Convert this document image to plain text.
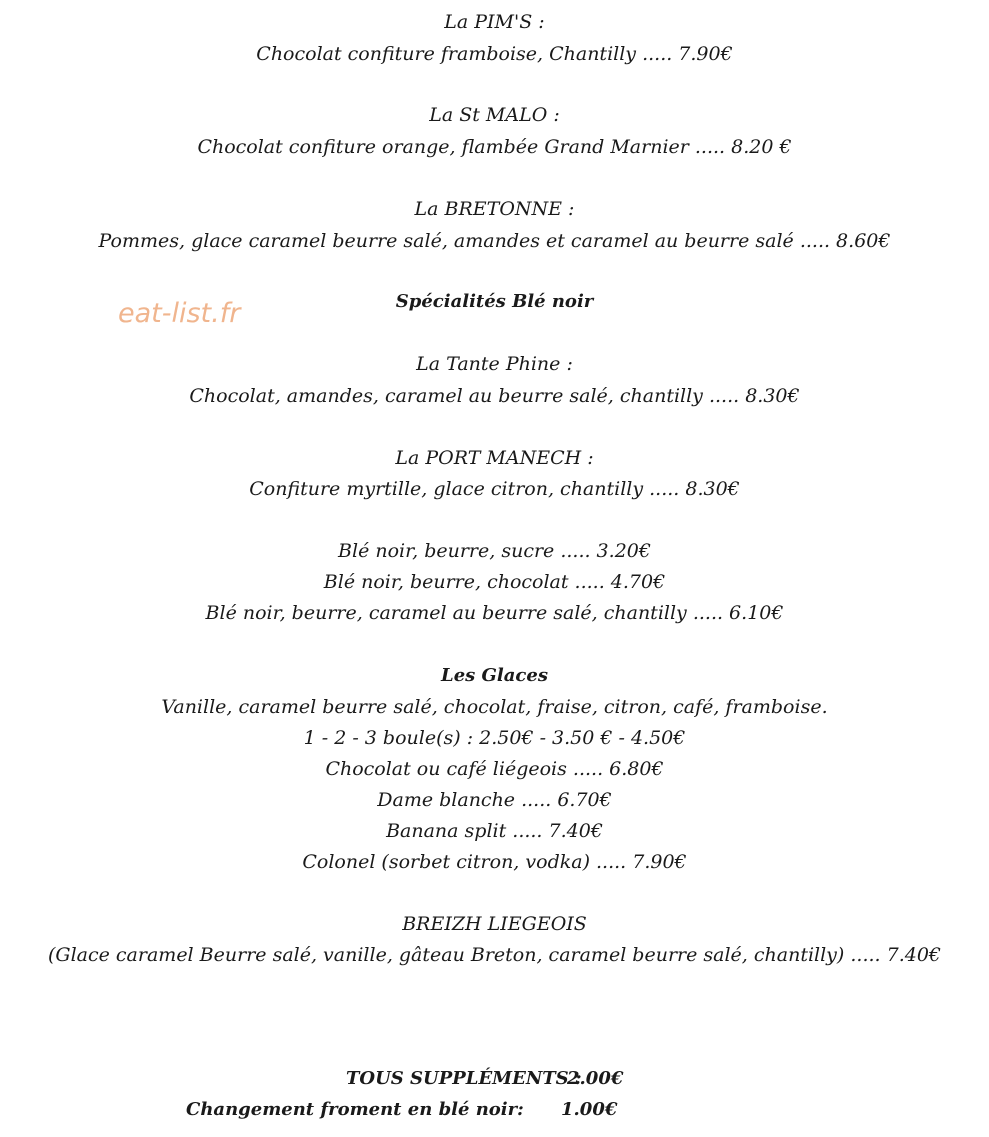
La PIM'S :
Chocolat confiture framboise, Chantilly ..... 7.90€
La St MALO :
Chocolat confiture orange, flambée Grand Marnier ..... 8.20 €
La BRETONNE :
Pommes, glace caramel beurre salé, amandes et caramel au beurre salé ..... 8.60€
eat-list.fr	Spécialités Blé noir
La Tante Phine :
Chocolat, amandes, caramel au beurre salé, chantilly ..... 8.30€
La PORT MANECH :
Confiture myrtille, glace citron, chantilly ..... 8.30€
Blé noir, beurre, sucre ..... 3.20€
Blé noir, beurre, chocolat ..... 4.70€
Blé noir, beurre, caramel au beurre salé, chantilly ..... 6.10€
Les Glaces
Vanille, caramel beurre salé, chocolat, fraise, citron, café, framboise.
1 - 2 - 3 boule(s) : 2.50€ - 3.50 € - 4.50€
Chocolat ou café liégeois ..... 6.80€
Dame blanche ..... 6.70€
Banana split ..... 7.40€
Colonel (sorbet citron, vodka) ..... 7.90€
BREIZH LIEGEOIS
(Glace caramel Beurre salé, vanille, gâteau Breton, caramel beurre salé, chantilly) ..... 7.40€
TOUS SUPPLÉMENTS :
2.00€
Changement froment en blé noir: 1.00€
